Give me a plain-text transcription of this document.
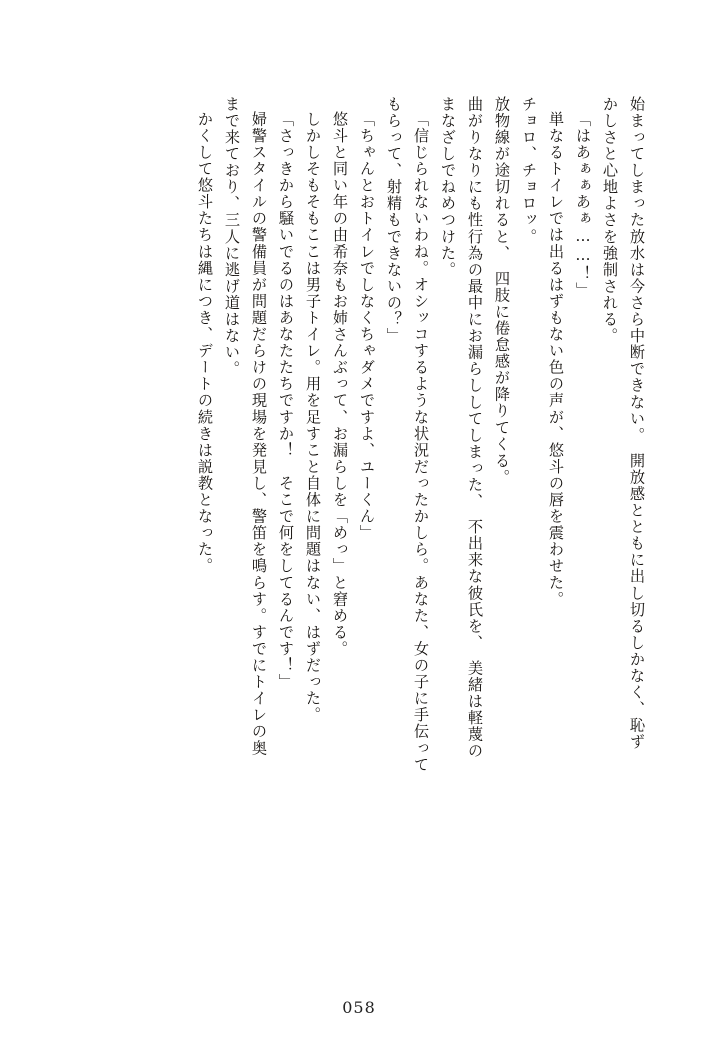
始まってしまった放水は今さら中断できない。　開放感とともに出し切るしかなく、恥ず
かしさと心地よさを強制される。
「はあぁぁあぁ……！」
単なるトイレでは出るはずもない色の声が、悠斗の唇を震わせた。
チョロ、チョロッ。
放物線が途切れると、　四肢に倦怠感が降りてくる。
曲がりなりにも性行為の最中にお漏らししてしまった、　不出来な彼氏を、　美緒は軽蔑の
まなざしでねめつけた。
「信じられないわね。オシッコするような状況だったかしら。あなた、女の子に手伝って
もらって、射精もできないの？」
「ちゃんとおトイレでしなくちゃダメですよ、ユーくん」
悠斗と同い年の由希奈もお姉さんぶって、お漏らしを「めっ」と窘める。
しかしそもそもここは男子トイレ。用を足すこと自体に問題はない、はずだった。
「さっきから騒いでるのはあなたたちですか！　そこで何をしてるんです！」
婦警スタイルの警備員が問題だらけの現場を発見し、警笛を鳴らす。すでにトイレの奥
まで来ており、三人に逃げ道はない。
かくして悠斗たちは縄につき、デートの続きは説教となった。
058
